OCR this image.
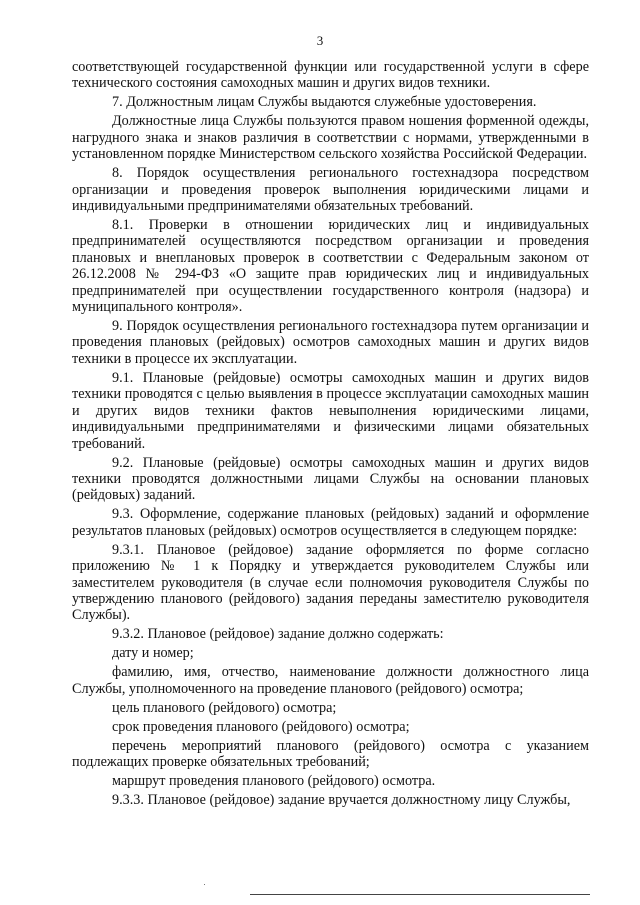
3

соответствующей государственной функции или государственной услуги в сфере технического состояния самоходных машин и других видов техники.

7. Должностным лицам Службы выдаются служебные удостоверения.

Должностные лица Службы пользуются правом ношения форменной одежды, нагрудного знака и знаков различия в соответствии с нормами, утвержденными в установленном порядке Министерством сельского хозяйства Российской Федерации.

8. Порядок осуществления регионального гостехнадзора посредством организации и проведения проверок выполнения юридическими лицами и индивидуальными предпринимателями обязательных требований.

8.1. Проверки в отношении юридических лиц и индивидуальных предпринимателей осуществляются посредством организации и проведения плановых и внеплановых проверок в соответствии с Федеральным законом от 26.12.2008 № 294-ФЗ «О защите прав юридических лиц и индивидуальных предпринимателей при осуществлении государственного контроля (надзора) и муниципального контроля».

9. Порядок осуществления регионального гостехнадзора путем организации и проведения плановых (рейдовых) осмотров самоходных машин и других видов техники в процессе их эксплуатации.

9.1. Плановые (рейдовые) осмотры самоходных машин и других видов техники проводятся с целью выявления в процессе эксплуатации самоходных машин и других видов техники фактов невыполнения юридическими лицами, индивидуальными предпринимателями и физическими лицами обязательных требований.

9.2. Плановые (рейдовые) осмотры самоходных машин и других видов техники проводятся должностными лицами Службы на основании плановых (рейдовых) заданий.

9.3. Оформление, содержание плановых (рейдовых) заданий и оформление результатов плановых (рейдовых) осмотров осуществляется в следующем порядке:

9.3.1. Плановое (рейдовое) задание оформляется по форме согласно приложению № 1 к Порядку и утверждается руководителем Службы или заместителем руководителя (в случае если полномочия руководителя Службы по утверждению планового (рейдового) задания переданы заместителю руководителя Службы).

9.3.2. Плановое (рейдовое) задание должно содержать:

дату и номер;

фамилию, имя, отчество, наименование должности должностного лица Службы, уполномоченного на проведение планового (рейдового) осмотра;

цель планового (рейдового) осмотра;

срок проведения планового (рейдового) осмотра;

перечень мероприятий планового (рейдового) осмотра с указанием подлежащих проверке обязательных требований;

маршрут проведения планового (рейдового) осмотра.

9.3.3. Плановое (рейдовое) задание вручается должностному лицу Службы,
